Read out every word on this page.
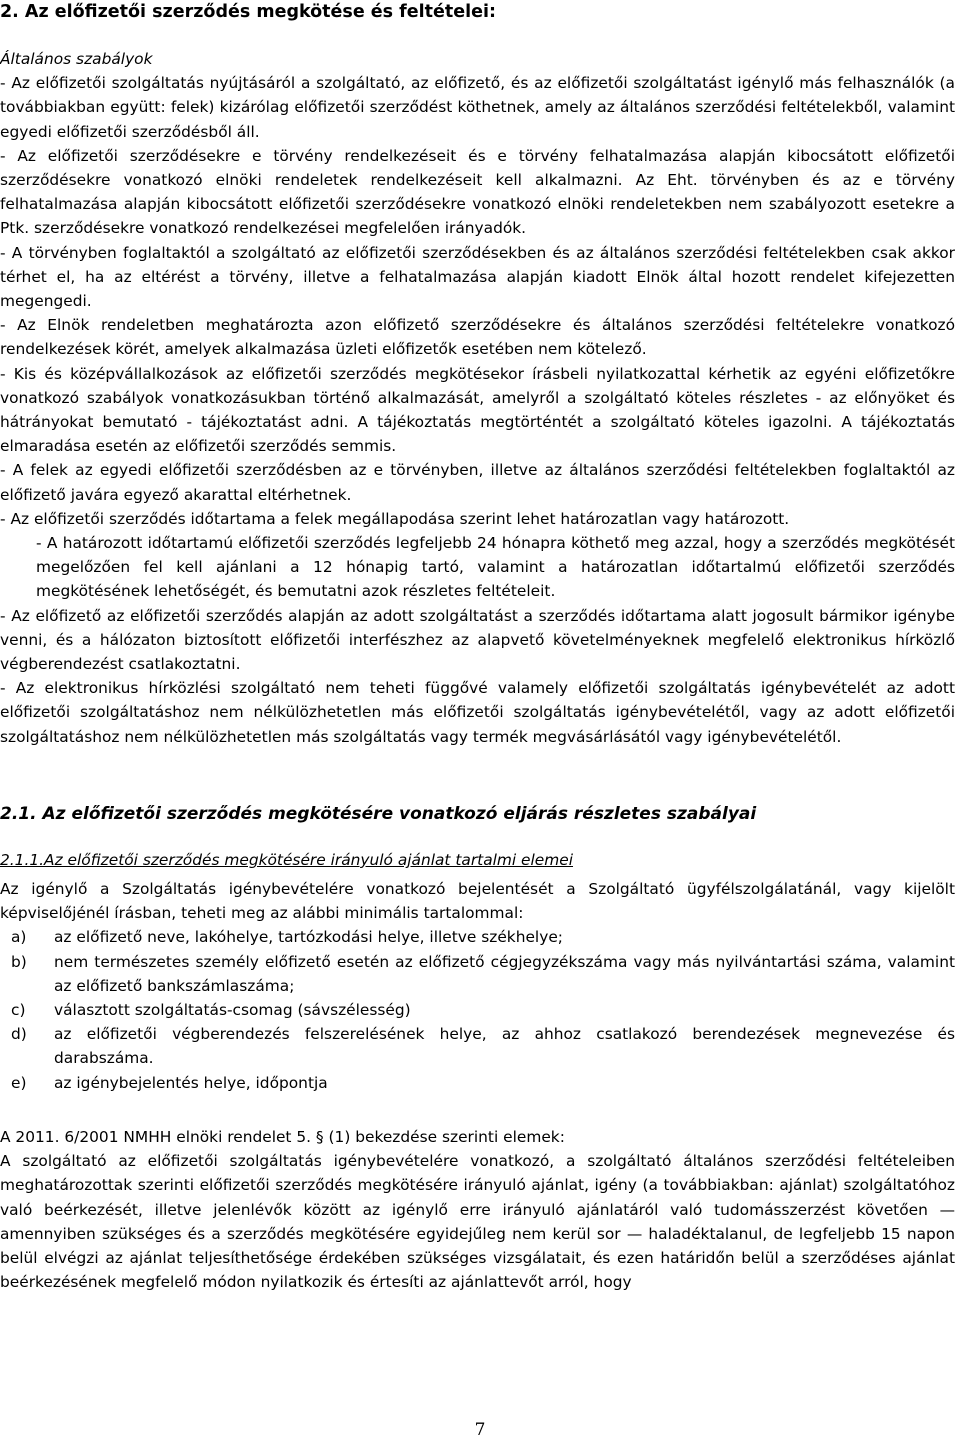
2. Az előfizetői szerződés megkötése és feltételei:

Általános szabályok

- Az előfizetői szolgáltatás nyújtásáról a szolgáltató, az előfizető, és az előfizetői szolgáltatást igénylő más felhasználók (a továbbiakban együtt: felek) kizárólag előfizetői szerződést köthetnek, amely az általános szerződési feltételekből, valamint egyedi előfizetői szerződésből áll.

- Az előfizetői szerződésekre e törvény rendelkezéseit és e törvény felhatalmazása alapján kibocsátott előfizetői szerződésekre vonatkozó elnöki rendeletek rendelkezéseit kell alkalmazni. Az Eht. törvényben és az e törvény felhatalmazása alapján kibocsátott előfizetői szerződésekre vonatkozó elnöki rendeletekben nem szabályozott esetekre a Ptk. szerződésekre vonatkozó rendelkezései megfelelően irányadók.

- A törvényben foglaltaktól a szolgáltató az előfizetői szerződésekben és az általános szerződési feltételekben csak akkor térhet el, ha az eltérést a törvény, illetve a felhatalmazása alapján kiadott Elnök által hozott rendelet kifejezetten megengedi.

- Az Elnök rendeletben meghatározta azon előfizető szerződésekre és általános szerződési feltételekre vonatkozó rendelkezések körét, amelyek alkalmazása üzleti előfizetők esetében nem kötelező.

- Kis és középvállalkozások az előfizetői szerződés megkötésekor írásbeli nyilatkozattal kérhetik az egyéni előfizetőkre vonatkozó szabályok vonatkozásukban történő alkalmazását, amelyről a szolgáltató köteles részletes - az előnyöket és hátrányokat bemutató - tájékoztatást adni. A tájékoztatás megtörténtét a szolgáltató köteles igazolni. A tájékoztatás elmaradása esetén az előfizetői szerződés semmis.

- A felek az egyedi előfizetői szerződésben az e törvényben, illetve az általános szerződési feltételekben foglaltaktól az előfizető javára egyező akarattal eltérhetnek.

- Az előfizetői szerződés időtartama a felek megállapodása szerint lehet határozatlan vagy határozott.

- A határozott időtartamú előfizetői szerződés legfeljebb 24 hónapra köthető meg azzal, hogy a szerződés megkötését megelőzően fel kell ajánlani a 12 hónapig tartó, valamint a határozatlan időtartalmú előfizetői szerződés megkötésének lehetőségét, és bemutatni azok részletes feltételeit.

- Az előfizető az előfizetői szerződés alapján az adott szolgáltatást a szerződés időtartama alatt jogosult bármikor igénybe venni, és a hálózaton biztosított előfizetői interfészhez az alapvető követelményeknek megfelelő elektronikus hírközlő végberendezést csatlakoztatni.

- Az elektronikus hírközlési szolgáltató nem teheti függővé valamely előfizetői szolgáltatás igénybevételét az adott előfizetői szolgáltatáshoz nem nélkülözhetetlen más előfizetői szolgáltatás igénybevételétől, vagy az adott előfizetői szolgáltatáshoz nem nélkülözhetetlen más szolgáltatás vagy termék megvásárlásától vagy igénybevételétől.

2.1. Az előfizetői szerződés megkötésére vonatkozó eljárás részletes szabályai
2.1.1.Az előfizetői szerződés megkötésére irányuló ajánlat tartalmi elemei

Az igénylő a Szolgáltatás igénybevételére vonatkozó bejelentését a Szolgáltató ügyfélszolgálatánál, vagy kijelölt képviselőjénél írásban, teheti meg az alábbi minimális tartalommal:

a) az előfizető neve, lakóhelye, tartózkodási helye, illetve székhelye;
b) nem természetes személy előfizető esetén az előfizető cégjegyzékszáma vagy más nyilvántartási száma, valamint az előfizető bankszámlaszáma;
c) választott szolgáltatás-csomag (sávszélesség)
d) az előfizetői végberendezés felszerelésének helye, az ahhoz csatlakozó berendezések megnevezése és darabszáma.
e) az igénybejelentés helye, időpontja

A 2011. 6/2001 NMHH elnöki rendelet 5. § (1) bekezdése szerinti elemek:

A szolgáltató az előfizetői szolgáltatás igénybevételére vonatkozó, a szolgáltató általános szerződési feltételeiben meghatározottak szerinti előfizetői szerződés megkötésére irányuló ajánlat, igény (a továbbiakban: ajánlat) szolgáltatóhoz való beérkezését, illetve jelenlévők között az igénylő erre irányuló ajánlatáról való tudomásszerzést követően — amennyiben szükséges és a szerződés megkötésére egyidejűleg nem kerül sor — haladéktalanul, de legfeljebb 15 napon belül elvégzi az ajánlat teljesíthetősége érdekében szükséges vizsgálatait, és ezen határidőn belül a szerződéses ajánlat beérkezésének megfelelő módon nyilatkozik és értesíti az ajánlattevőt arról, hogy

7
